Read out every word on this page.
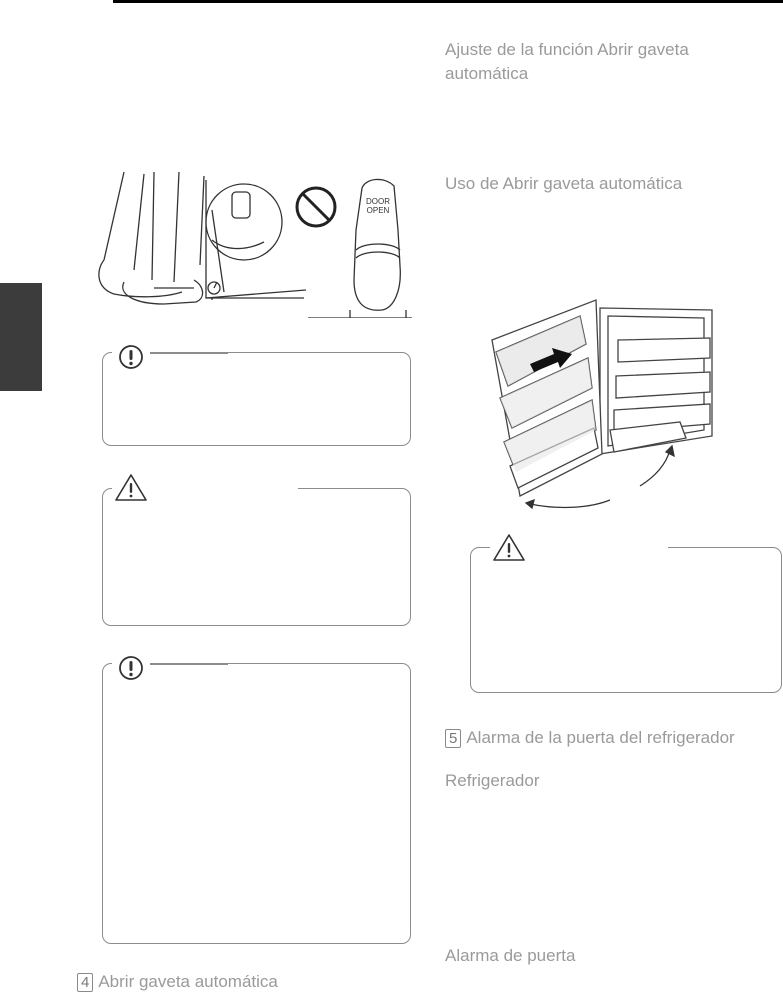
DOOR
OPEN
4 Abrir gaveta automática
Ajuste de la función Abrir gaveta
automática
Uso de Abrir gaveta automática
5 Alarma de la puerta del refrigerador
Refrigerador
Alarma de puerta
